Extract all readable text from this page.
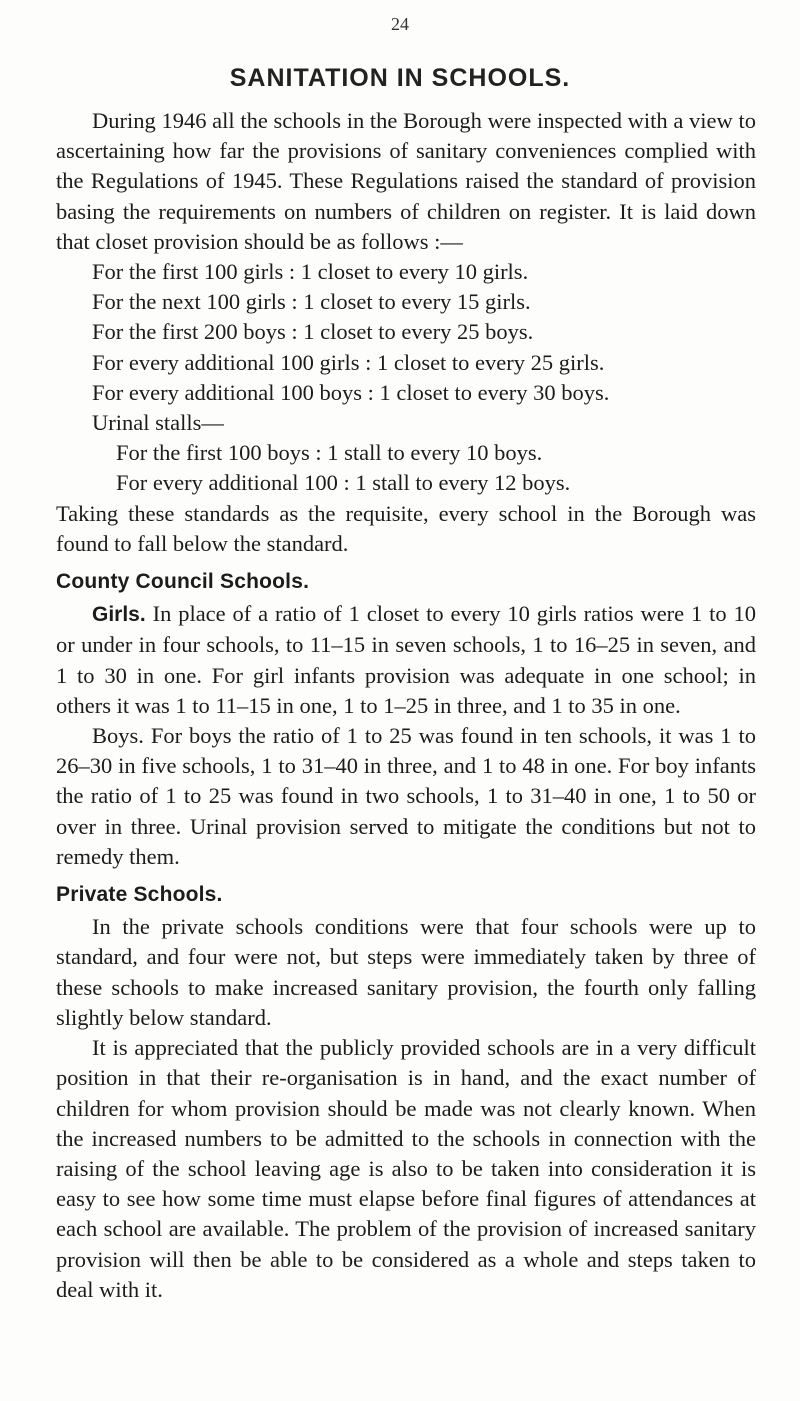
24
SANITATION IN SCHOOLS.

During 1946 all the schools in the Borough were inspected with a view to ascertaining how far the provisions of sanitary conveniences complied with the Regulations of 1945. These Regulations raised the standard of provision basing the requirements on numbers of children on register. It is laid down that closet provision should be as follows :—

For the first 100 girls : 1 closet to every 10 girls.

For the next 100 girls : 1 closet to every 15 girls.

For the first 200 boys : 1 closet to every 25 boys.

For every additional 100 girls : 1 closet to every 25 girls.

For every additional 100 boys : 1 closet to every 30 boys.

Urinal stalls—

For the first 100 boys : 1 stall to every 10 boys.

For every additional 100 : 1 stall to every 12 boys.

Taking these standards as the requisite, every school in the Borough was found to fall below the standard.

County Council Schools.

Girls. In place of a ratio of 1 closet to every 10 girls ratios were 1 to 10 or under in four schools, to 11–15 in seven schools, 1 to 16–25 in seven, and 1 to 30 in one. For girl infants provision was adequate in one school; in others it was 1 to 11–15 in one, 1 to 1–25 in three, and 1 to 35 in one.

Boys. For boys the ratio of 1 to 25 was found in ten schools, it was 1 to 26–30 in five schools, 1 to 31–40 in three, and 1 to 48 in one. For boy infants the ratio of 1 to 25 was found in two schools, 1 to 31–40 in one, 1 to 50 or over in three. Urinal provision served to mitigate the conditions but not to remedy them.

Private Schools.

In the private schools conditions were that four schools were up to standard, and four were not, but steps were immediately taken by three of these schools to make increased sanitary provision, the fourth only falling slightly below standard.

It is appreciated that the publicly provided schools are in a very difficult position in that their re-organisation is in hand, and the exact number of children for whom provision should be made was not clearly known. When the increased numbers to be admitted to the schools in connection with the raising of the school leaving age is also to be taken into consideration it is easy to see how some time must elapse before final figures of attendances at each school are available. The problem of the provision of increased sanitary provision will then be able to be considered as a whole and steps taken to deal with it.
